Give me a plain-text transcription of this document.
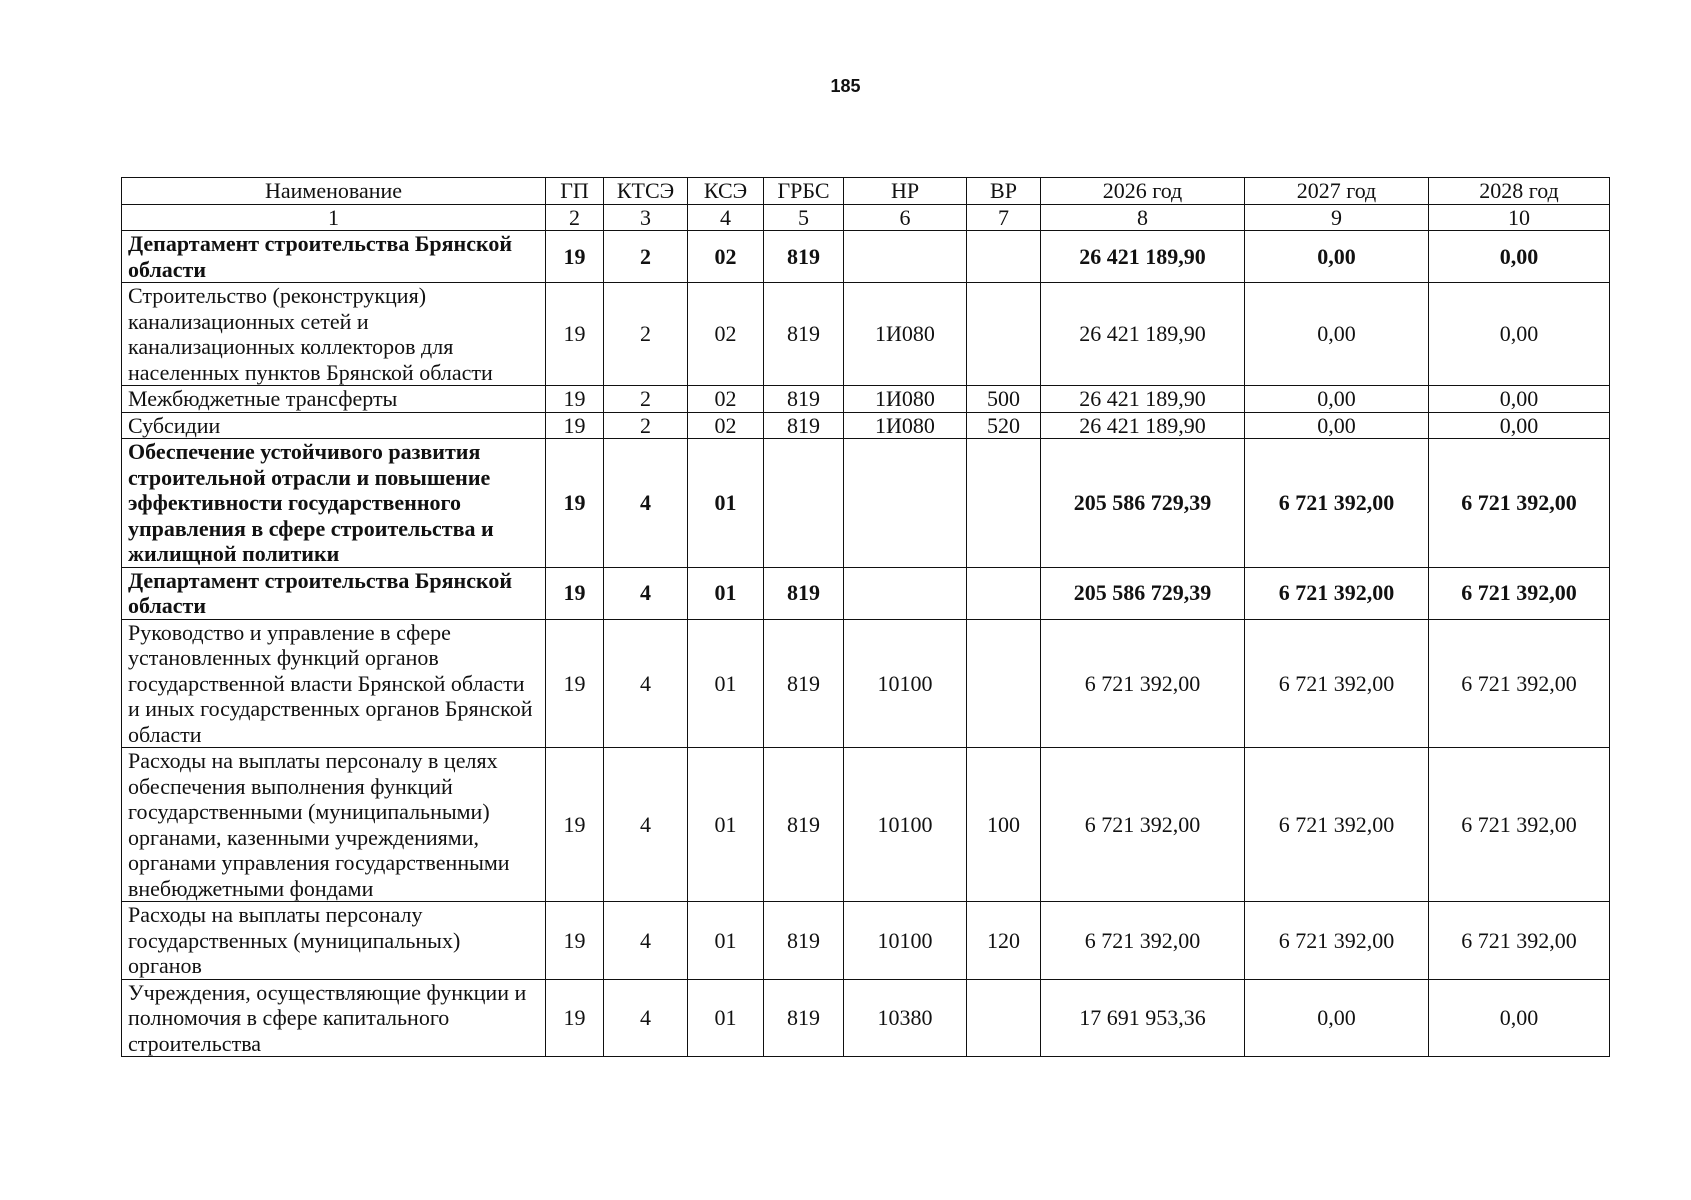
185
Наименование	ГП	КТСЭ	КСЭ	ГРБС	НР	ВР	2026 год	2027 год	2028 год
1	2	3	4	5	6	7	8	9	10
Департамент строительства Брянской области	19	2	02	819			26 421 189,90	0,00	0,00
Строительство (реконструкция) канализационных сетей и канализационных коллекторов для населенных пунктов Брянской области	19	2	02	819	1И080		26 421 189,90	0,00	0,00
Межбюджетные трансферты	19	2	02	819	1И080	500	26 421 189,90	0,00	0,00
Субсидии	19	2	02	819	1И080	520	26 421 189,90	0,00	0,00
Обеспечение устойчивого развития строительной отрасли и повышение эффективности государственного управления в сфере строительства и жилищной политики	19	4	01				205 586 729,39	6 721 392,00	6 721 392,00
Департамент строительства Брянской области	19	4	01	819			205 586 729,39	6 721 392,00	6 721 392,00
Руководство и управление в сфере установленных функций органов государственной власти Брянской области и иных государственных органов Брянской области	19	4	01	819	10100		6 721 392,00	6 721 392,00	6 721 392,00
Расходы на выплаты персоналу в целях обеспечения выполнения функций государственными (муниципальными) органами, казенными учреждениями, органами управления государственными внебюджетными фондами	19	4	01	819	10100	100	6 721 392,00	6 721 392,00	6 721 392,00
Расходы на выплаты персоналу государственных (муниципальных) органов	19	4	01	819	10100	120	6 721 392,00	6 721 392,00	6 721 392,00
Учреждения, осуществляющие функции и полномочия в сфере капитального строительства	19	4	01	819	10380		17 691 953,36	0,00	0,00
